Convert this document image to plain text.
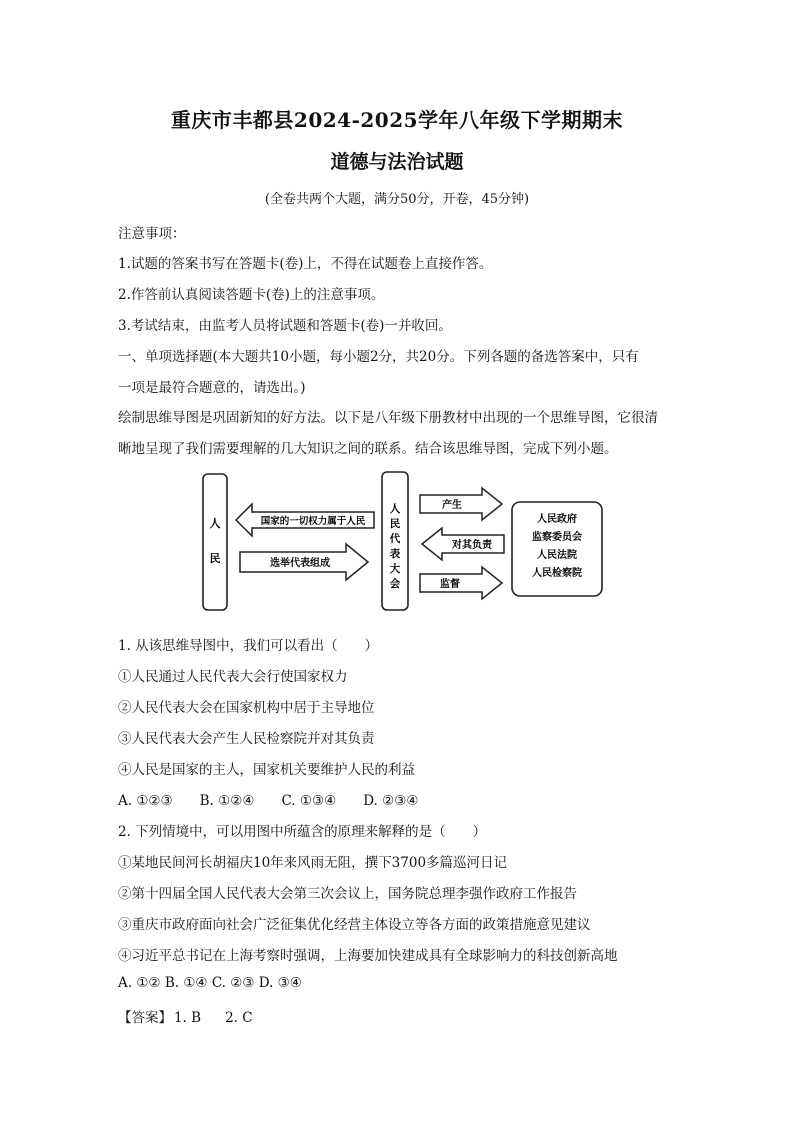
重庆市丰都县2024-2025学年八年级下学期期末
道德与法治试题
(全卷共两个大题，满分50分，开卷，45分钟)
注意事项：
1.试题的答案书写在答题卡(卷)上，不得在试题卷上直接作答。
2.作答前认真阅读答题卡(卷)上的注意事项。
3.考试结束，由监考人员将试题和答题卡(卷)一并收回。
一、单项选择题(本大题共10小题，每小题2分，共20分。下列各题的备选答案中，只有
一项是最符合题意的，请选出。)
绘制思维导图是巩固新知的好方法。以下是八年级下册教材中出现的一个思维导图，它很清
晰地呈现了我们需要理解的几大知识之间的联系。结合该思维导图，完成下列小题。
人
民
国家的一切权力属于人民
选举代表组成
人
民
代
表
大
会
产生
对其负责
监督
人民政府
监察委员会
人民法院
人民检察院
1. 从该思维导图中，我们可以看出（　　）
①人民通过人民代表大会行使国家权力
②人民代表大会在国家机构中居于主导地位
③人民代表大会产生人民检察院并对其负责
④人民是国家的主人，国家机关要维护人民的利益
A. ①②③　　B. ①②④　　C. ①③④　　D. ②③④
2. 下列情境中，可以用图中所蕴含的原理来解释的是（　　）
①某地民间河长胡福庆10年来风雨无阻，撰下3700多篇巡河日记
②第十四届全国人民代表大会第三次会议上，国务院总理李强作政府工作报告
③重庆市政府面向社会广泛征集优化经营主体设立等各方面的政策措施意见建议
④习近平总书记在上海考察时强调，上海要加快建成具有全球影响力的科技创新高地
A. ①② B. ①④ C. ②③ D. ③④
【答案】 1. B 2. C
